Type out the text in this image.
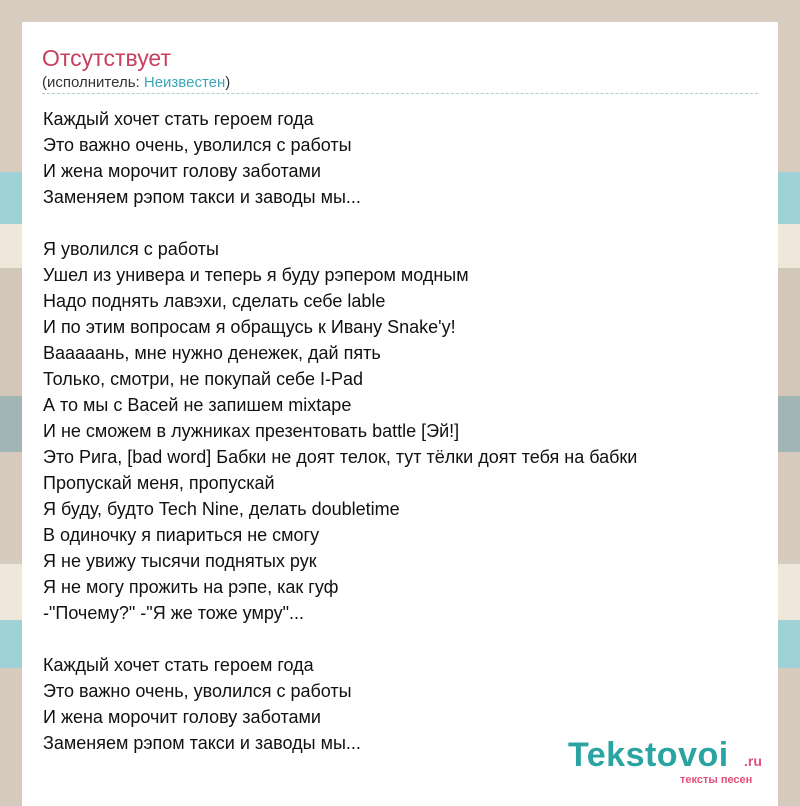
Отсутствует
(исполнитель: Неизвестен)
Каждый хочет стать героем года
Это важно очень, уволился с работы
И жена морочит голову заботами
Заменяем рэпом такси и заводы мы...
Я уволился с работы
Ушел из универа и теперь я буду рэпером модным
Надо поднять лавэхи, сделать себе lable
И по этим вопросам я обращусь к Ивану Snake'у!
Ваааaaнь, мне нужно денежек, дай пять
Только, смотри, не покупай себе I-Pad
А то мы с Васей не запишем mixtape
И не сможем в лужниках презентовать battle [Эй!]
Это Рига, [bad word] Бабки не доят телок, тут тёлки доят тебя на бабки
Пропускай меня, пропускай
Я буду, будто Tech Nine, делать doubletime
В одиночку я пиариться не смогу
Я не увижу тысячи поднятых рук
Я не могу прожить на рэпе, как гуф
-"Почему?" -"Я же тоже умру"...
Каждый хочет стать героем года
Это важно очень, уволился с работы
И жена морочит голову заботами
Заменяем рэпом такси и заводы мы...	Tekstovoi .ru
тексты песен
